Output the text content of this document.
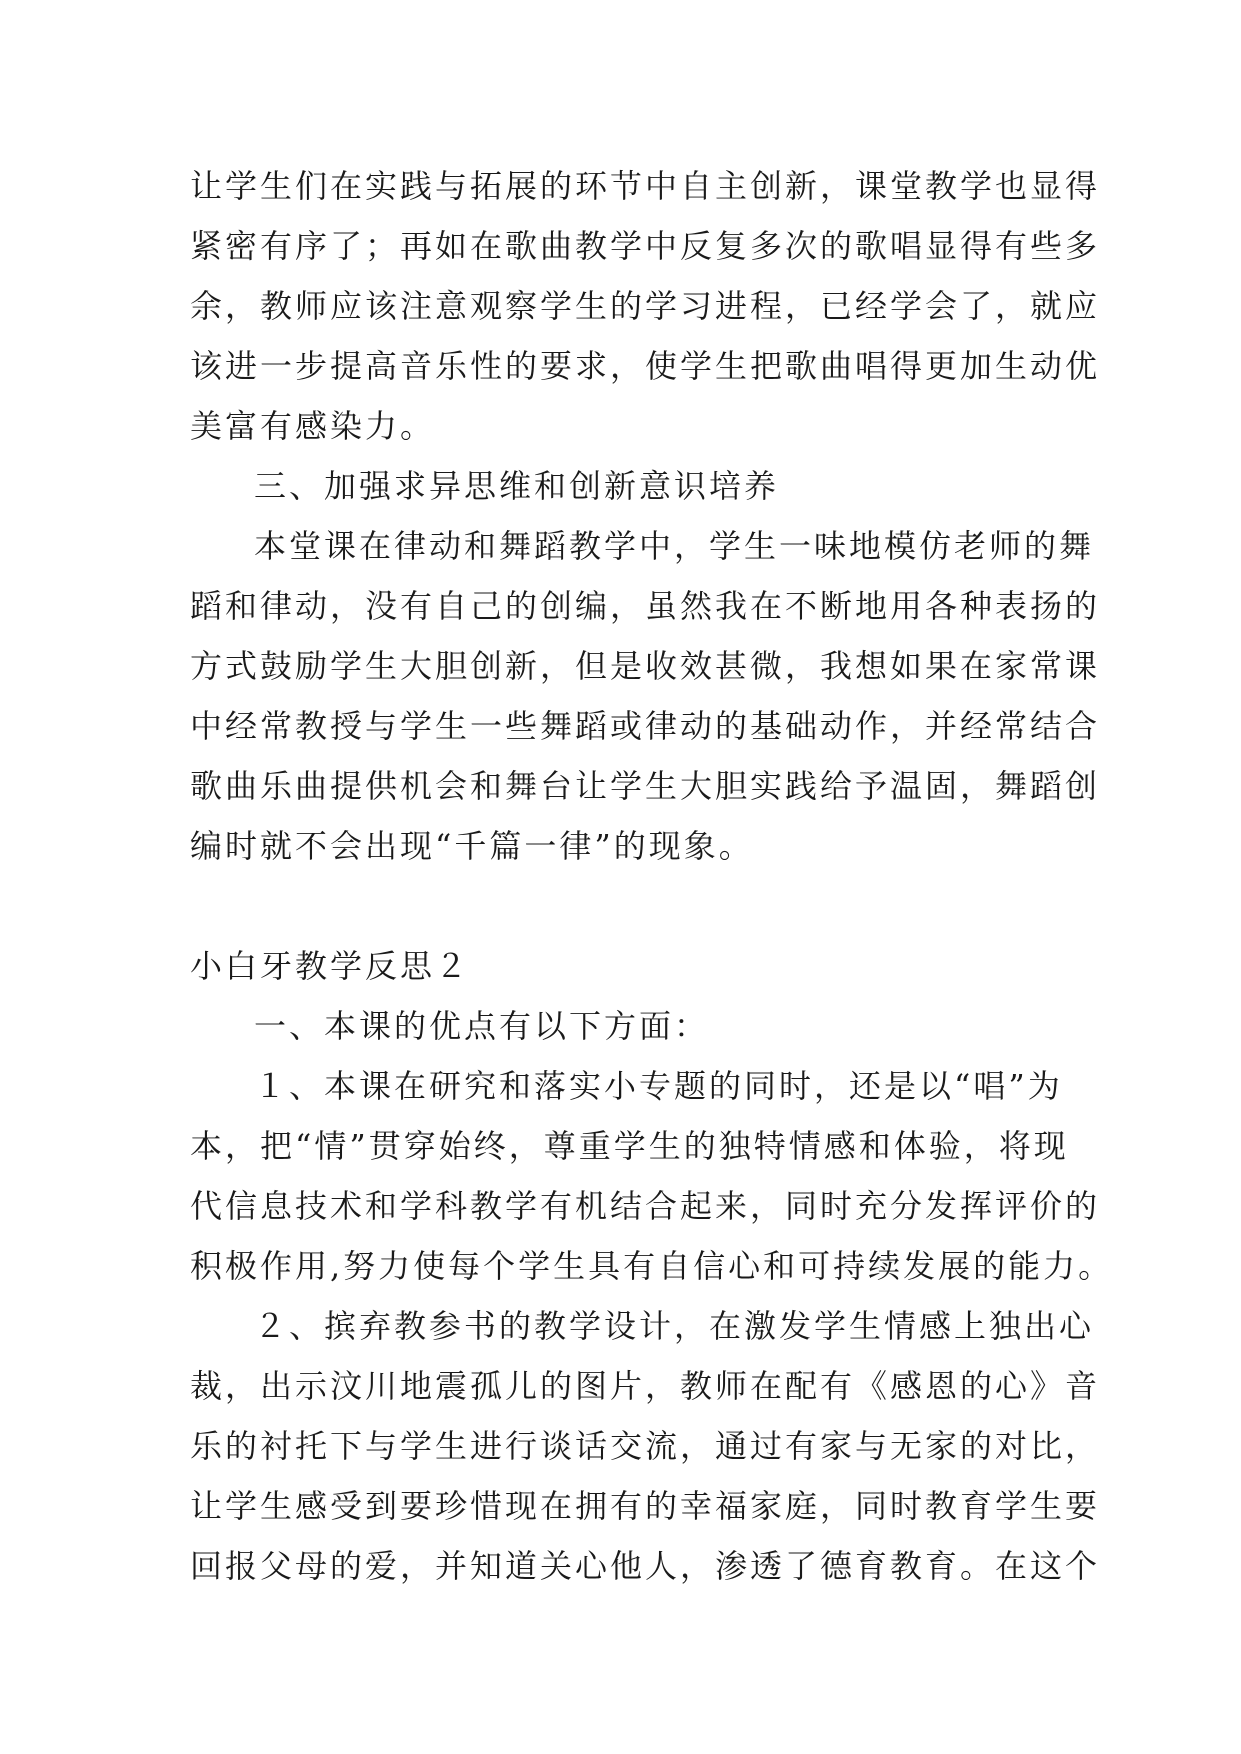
让学生们在实践与拓展的环节中自主创新，课堂教学也显得
紧密有序了；再如在歌曲教学中反复多次的歌唱显得有些多
余，教师应该注意观察学生的学习进程，已经学会了，就应
该进一步提高音乐性的要求，使学生把歌曲唱得更加生动优
美富有感染力。
三、加强求异思维和创新意识培养
本堂课在律动和舞蹈教学中，学生一味地模仿老师的舞
蹈和律动，没有自己的创编，虽然我在不断地用各种表扬的
方式鼓励学生大胆创新，但是收效甚微，我想如果在家常课
中经常教授与学生一些舞蹈或律动的基础动作，并经常结合
歌曲乐曲提供机会和舞台让学生大胆实践给予温固，舞蹈创
编时就不会出现“千篇一律”的现象。
小白牙教学反思２
一、本课的优点有以下方面：
１、本课在研究和落实小专题的同时，还是以“唱”为
本，把“情”贯穿始终，尊重学生的独特情感和体验，将现
代信息技术和学科教学有机结合起来，同时充分发挥评价的
积极作用,努力使每个学生具有自信心和可持续发展的能力。
２、摈弃教参书的教学设计，在激发学生情感上独出心
裁，出示汶川地震孤儿的图片，教师在配有《感恩的心》音
乐的衬托下与学生进行谈话交流，通过有家与无家的对比，
让学生感受到要珍惜现在拥有的幸福家庭，同时教育学生要
回报父母的爱，并知道关心他人，渗透了德育教育。在这个
